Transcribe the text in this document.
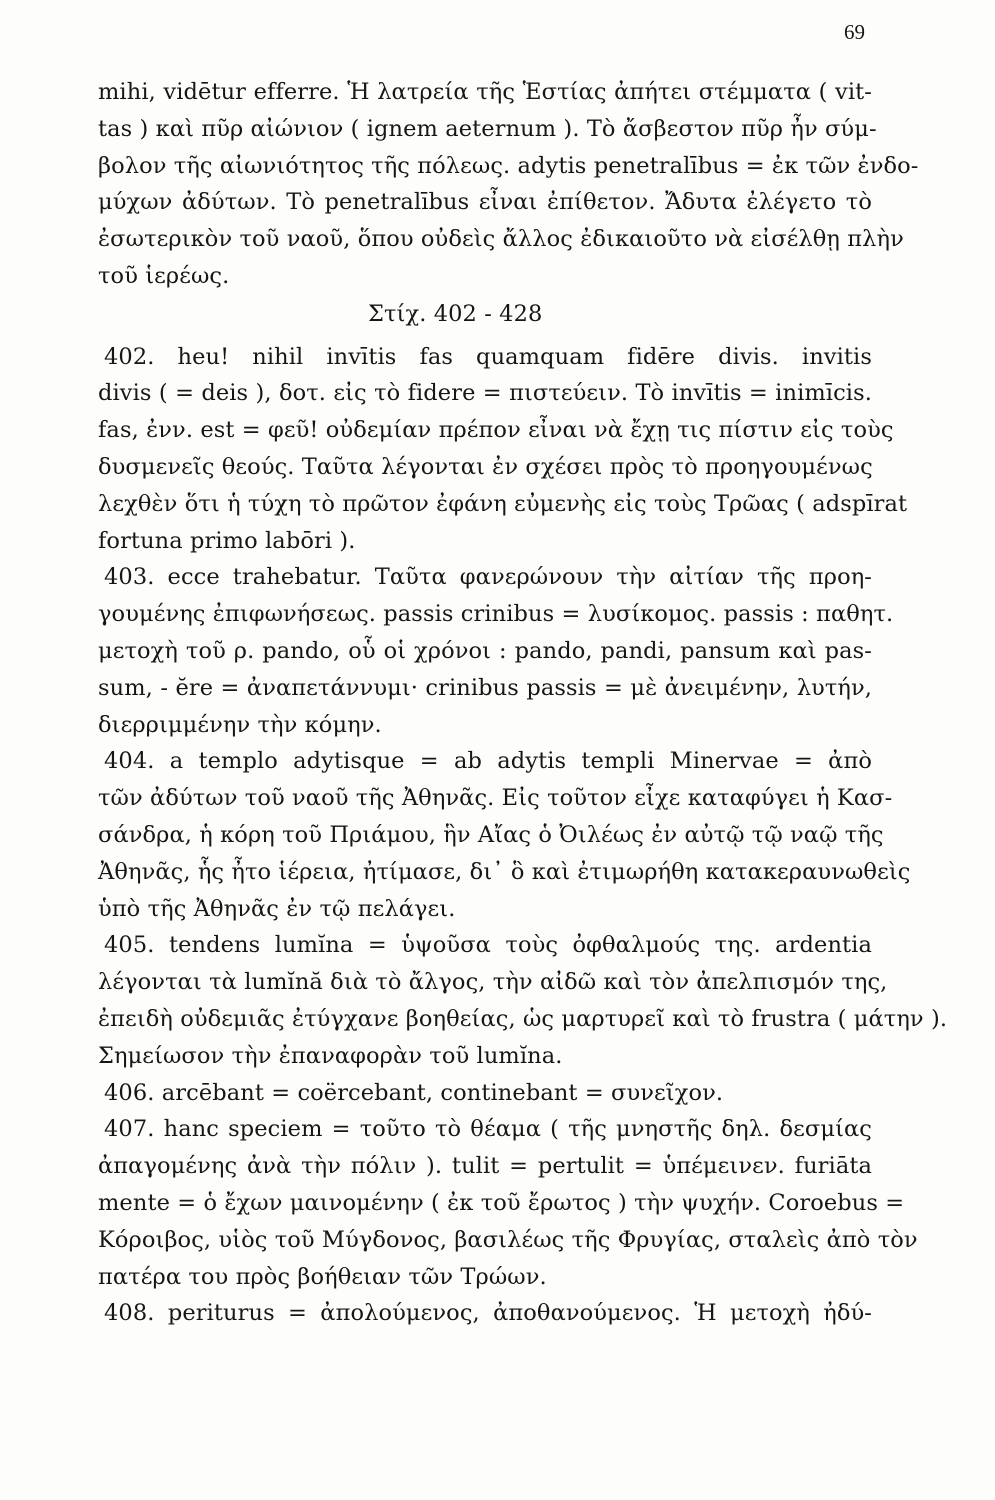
69
mihi, vidētur efferre. Ἡ λατρεία τῆς Ἑστίας ἀπήτει στέμματα ( vit-
tas ) καὶ πῦρ αἰώνιον ( ignem aeternum ). Τὸ ἄσβεστον πῦρ ἦν σύμ-
βολον τῆς αἰωνιότητος τῆς πόλεως. adytis penetralībus = ἐκ τῶν ἐνδο-
μύχων ἀδύτων. Τὸ penetralībus εἶναι ἐπίθετον. Ἄδυτα ἐλέγετο τὸ
ἐσωτερικὸν τοῦ ναοῦ, ὅπου οὐδεὶς ἄλλος ἐδικαιοῦτο νὰ εἰσέλθῃ πλὴν
τοῦ ἱερέως.
Στίχ. 402 - 428
402. heu! nihil invītis fas quamquam fidēre divis. invitis
divis ( = deis ), δοτ. εἰς τὸ fidere = πιστεύειν. Τὸ invītis = inimīcis.
fas, ἐνν. est = φεῦ! οὐδεμίαν πρέπον εἶναι νὰ ἔχῃ τις πίστιν εἰς τοὺς
δυσμενεῖς θεούς. Ταῦτα λέγονται ἐν σχέσει πρὸς τὸ προηγουμένως
λεχθὲν ὅτι ἡ τύχη τὸ πρῶτον ἐφάνη εὐμενὴς εἰς τοὺς Τρῶας ( adspīrat
fortuna primo labōri ).
403. ecce trahebatur. Ταῦτα φανερώνουν τὴν αἰτίαν τῆς προη-
γουμένης ἐπιφωνήσεως. passis crinibus = λυσίκομος. passis : παθητ.
μετοχὴ τοῦ ρ. pando, οὗ οἱ χρόνοι : pando, pandi, pansum καὶ pas-
sum, - ĕre = ἀναπετάννυμι· crinibus passis = μὲ ἀνειμένην, λυτήν,
διερριμμένην τὴν κόμην.
404. a templo adytisque = ab adytis templi Minervae = ἀπὸ
τῶν ἀδύτων τοῦ ναοῦ τῆς Ἀθηνᾶς. Εἰς τοῦτον εἶχε καταφύγει ἡ Κασ-
σάνδρα, ἡ κόρη τοῦ Πριάμου, ἣν Αἴας ὁ Ὀιλέως ἐν αὐτῷ τῷ ναῷ τῆς
Ἀθηνᾶς, ἧς ἦτο ἱέρεια, ἠτίμασε, δι᾽ ὃ καὶ ἐτιμωρήθη κατακεραυνωθεὶς
ὑπὸ τῆς Ἀθηνᾶς ἐν τῷ πελάγει.
405. tendens lumĭna = ὑψοῦσα τοὺς ὀφθαλμούς της. ardentia
λέγονται τὰ lumĭnă διὰ τὸ ἄλγος, τὴν αἰδῶ καὶ τὸν ἀπελπισμόν της,
ἐπειδὴ οὐδεμιᾶς ἐτύγχανε βοηθείας, ὡς μαρτυρεῖ καὶ τὸ frustra ( μάτην ).
Σημείωσον τὴν ἐπαναφορὰν τοῦ lumĭna.
406. arcēbant = coërcebant, continebant = συνεῖχον.
407. hanc speciem = τοῦτο τὸ θέαμα ( τῆς μνηστῆς δηλ. δεσμίας
ἀπαγομένης ἀνὰ τὴν πόλιν ). tulit = pertulit = ὑπέμεινεν. furiāta
mente = ὁ ἔχων μαινομένην ( ἐκ τοῦ ἔρωτος ) τὴν ψυχήν. Coroebus =
Κόροιβος, υἱὸς τοῦ Μύγδονος, βασιλέως τῆς Φρυγίας, σταλεὶς ἀπὸ τὸν
πατέρα του πρὸς βοήθειαν τῶν Τρώων.
408. periturus = ἀπολούμενος, ἀποθανούμενος. Ἡ μετοχὴ ἠδύ-
